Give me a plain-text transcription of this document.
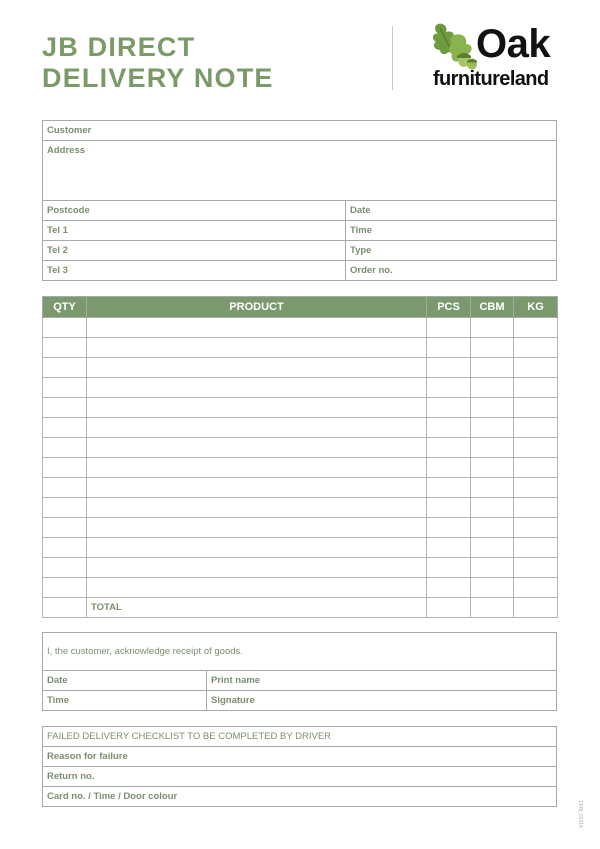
JB DIRECT
DELIVERY NOTE
Oak
furnitureland
Customer
Address
Postcode	Date
Tel 1	Time
Tel 2	Type
Tel 3	Order no.
QTY	PRODUCT	PCS	CBM	KG

	TOTAL			
I, the customer, acknowledge receipt of goods.
Date	Print name
Time	Signature
FAILED DELIVERY CHECKLIST TO BE COMPLETED BY DRIVER
Reason for failure
Return no.
Card no. / Time / Door colour
1348_01018
